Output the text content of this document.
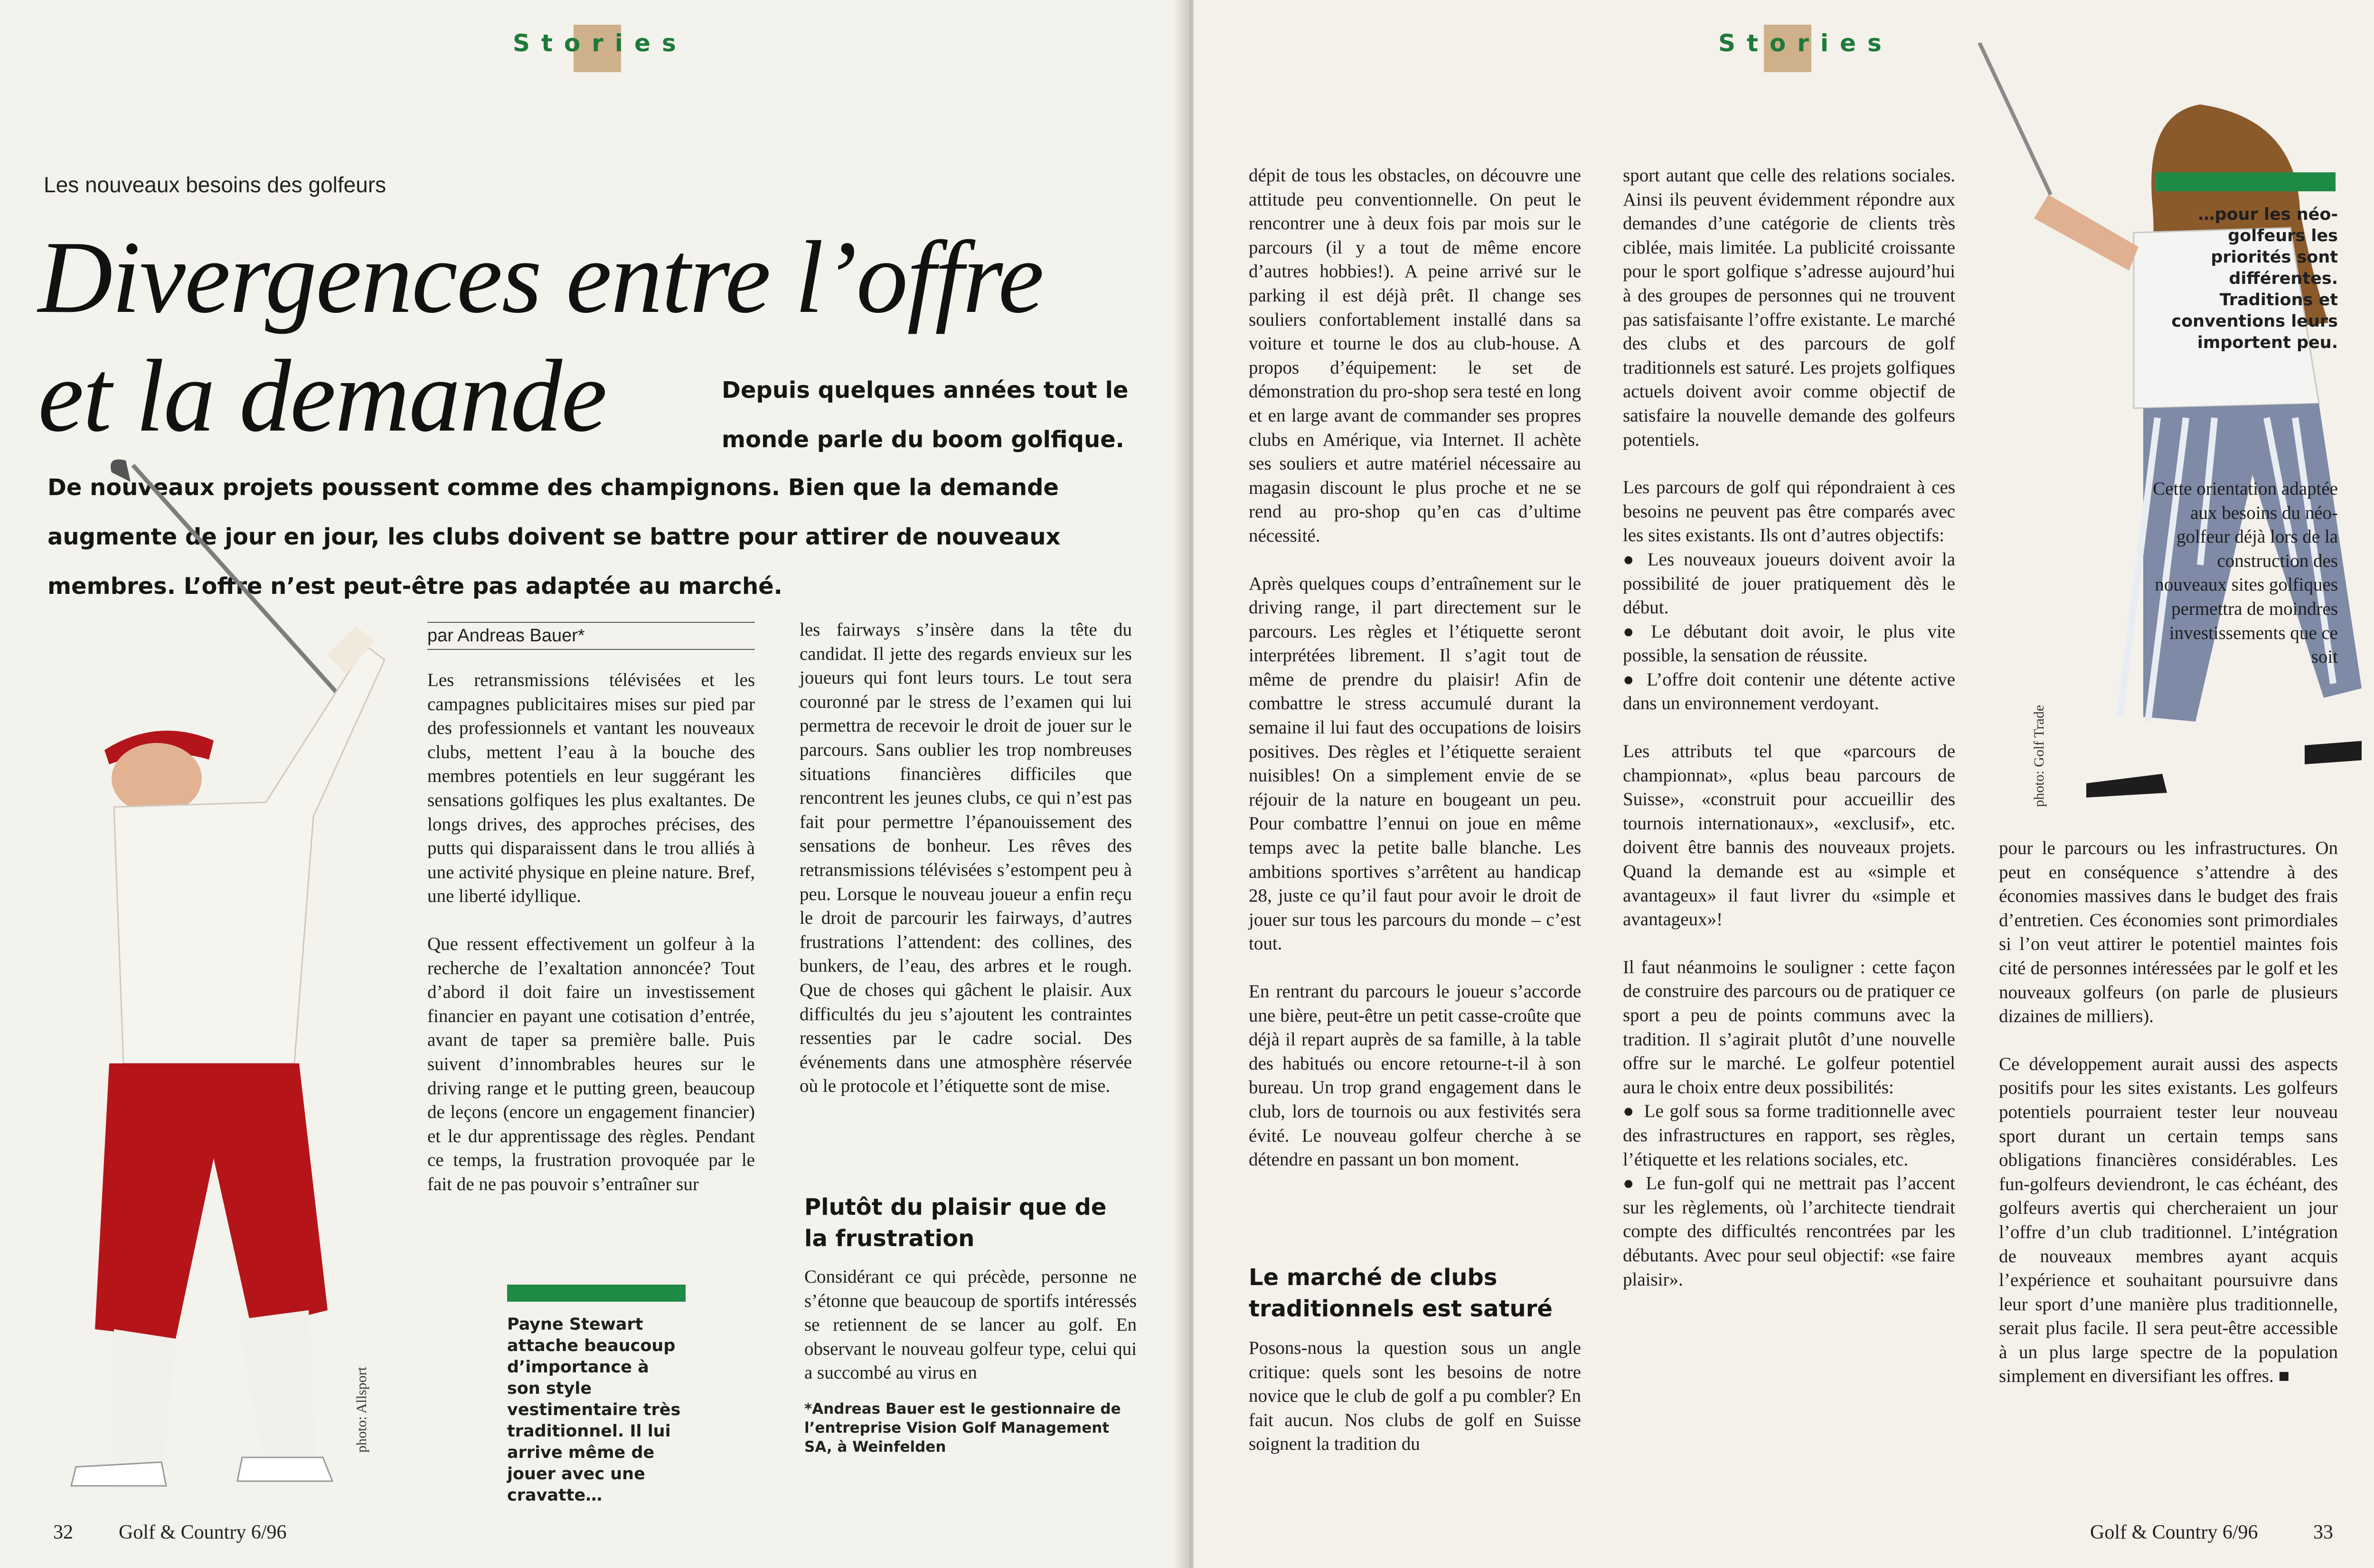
Stories
Les nouveaux besoins des golfeurs
Divergences entre l’offre
et la demande	Depuis quelques années tout le
monde parle du boom golfique.
De nouveaux projets poussent comme des champignons. Bien que la demande
augmente de jour en jour, les clubs doivent se battre pour attirer de nouveaux
membres. L’offre n’est peut-être pas adaptée au marché.
photo: Allsport
par Andreas Bauer*

Les retransmissions télévisées et les campagnes publicitaires mises sur pied par des professionnels et vantant les nouveaux clubs, mettent l’eau à la bouche des membres potentiels en leur suggérant les sensations golfiques les plus exaltantes. De longs drives, des approches précises, des putts qui disparaissent dans le trou alliés à une activité physique en pleine nature. Bref, une liberté idyllique.

Que ressent effectivement un golfeur à la recherche de l’exaltation annoncée? Tout d’abord il doit faire un investissement financier en payant une cotisation d’entrée, avant de taper sa première balle. Puis suivent d’innombrables heures sur le driving range et le putting green, beaucoup de leçons (encore un engagement financier) et le dur apprentissage des règles. Pendant ce temps, la frustration provoquée par le fait de ne pas pouvoir s’entraîner sur

les fairways s’insère dans la tête du candidat. Il jette des regards envieux sur les joueurs qui font leurs tours. Le tout sera couronné par le stress de l’examen qui lui permettra de recevoir le droit de jouer sur le parcours. Sans oublier les trop nombreuses situations financières difficiles que rencontrent les jeunes clubs, ce qui n’est pas fait pour permettre l’épanouissement des sensations de bonheur. Les rêves des retransmissions télévisées s’estompent peu à peu. Lorsque le nouveau joueur a enfin reçu le droit de parcourir les fairways, d’autres frustrations l’attendent: des collines, des bunkers, de l’eau, des arbres et le rough. Que de choses qui gâchent le plaisir. Aux difficultés du jeu s’ajoutent les contraintes ressenties par le cadre social. Des événements dans une atmosphère réservée où le protocole et l’étiquette sont de mise.

Plutôt du plaisir que de la frustration
Considérant ce qui précède, personne ne s’étonne que beaucoup de sportifs intéressés se retiennent de se lancer au golf. En observant le nouveau golfeur type, celui qui a succombé au virus en
*Andreas Bauer est le gestionnaire de l’entreprise Vision Golf Management SA, à Weinfelden
Payne Stewart attache beaucoup d’importance à son style vestimentaire très traditionnel. Il lui arrive même de jouer avec une cravatte…
32 Golf & Country 6/96
Stories

dépit de tous les obstacles, on découvre une attitude peu conventionnelle. On peut le rencontrer une à deux fois par mois sur le parcours (il y a tout de même encore d’autres hobbies!). A peine arrivé sur le parking il est déjà prêt. Il change ses souliers confortablement installé dans sa voiture et tourne le dos au club-house. A propos d’équipement: le set de démonstration du pro-shop sera testé en long et en large avant de commander ses propres clubs en Amérique, via Internet. Il achète ses souliers et autre matériel nécessaire au magasin discount le plus proche et ne se rend au pro-shop qu’en cas d’ultime nécessité.

Après quelques coups d’entraînement sur le driving range, il part directement sur le parcours. Les règles et l’étiquette seront interprétées librement. Il s’agit tout de même de prendre du plaisir! Afin de combattre le stress accumulé durant la semaine il lui faut des occupations de loisirs positives. Des règles et l’étiquette seraient nuisibles! On a simplement envie de se réjouir de la nature en bougeant un peu. Pour combattre l’ennui on joue en même temps avec la petite balle blanche. Les ambitions sportives s’arrêtent au handicap 28, juste ce qu’il faut pour avoir le droit de jouer sur tous les parcours du monde – c’est tout.

En rentrant du parcours le joueur s’accorde une bière, peut-être un petit casse-croûte que déjà il repart auprès de sa famille, à la table des habitués ou encore retourne-t-il à son bureau. Un trop grand engagement dans le club, lors de tournois ou aux festivités sera évité. Le nouveau golfeur cherche à se détendre en passant un bon moment.

Le marché de clubs traditionnels est saturé
Posons-nous la question sous un angle critique: quels sont les besoins de notre novice que le club de golf a pu combler? En fait aucun. Nos clubs de golf en Suisse soignent la tradition du

sport autant que celle des relations sociales. Ainsi ils peuvent évidemment répondre aux demandes d’une catégorie de clients très ciblée, mais limitée. La publicité croissante pour le sport golfique s’adresse aujourd’hui à des groupes de personnes qui ne trouvent pas satisfaisante l’offre existante. Le marché des clubs et des parcours de golf traditionnels est saturé. Les projets golfiques actuels doivent avoir comme objectif de satisfaire la nouvelle demande des golfeurs potentiels.

Les parcours de golf qui répondraient à ces besoins ne peuvent pas être comparés avec les sites existants. Ils ont d’autres objectifs:

● Les nouveaux joueurs doivent avoir la possibilité de jouer pratiquement dès le début.
● Le débutant doit avoir, le plus vite possible, la sensation de réussite.
● L’offre doit contenir une détente active dans un environnement verdoyant.

Les attributs tel que «parcours de championnat», «plus beau parcours de Suisse», «construit pour accueillir des tournois internationaux», «exclusif», etc. doivent être bannis des nouveaux projets. Quand la demande est au «simple et avantageux» il faut livrer du «simple et avantageux»!

Il faut néanmoins le souligner : cette façon de construire des parcours ou de pratiquer ce sport a peu de points communs avec la tradition. Il s’agirait plutôt d’une nouvelle offre sur le marché. Le golfeur potentiel aura le choix entre deux possibilités:

● Le golf sous sa forme traditionnelle avec des infrastructures en rapport, ses règles, l’étiquette et les relations sociales, etc.
● Le fun-golf qui ne mettrait pas l’accent sur les règlements, où l’architecte tiendrait compte des difficultés rencontrées par les débutants. Avec pour seul objectif: «se faire plaisir».
photo: Golf Trade
…pour les néo-golfeurs les priorités sont différentes. Traditions et conventions leurs importent peu.
Cette orientation adaptée aux besoins du néo-golfeur déjà lors de la construction des nouveaux sites golfiques permettra de moindres investissements que ce soit

pour le parcours ou les infrastructures. On peut en conséquence s’attendre à des économies massives dans le budget des frais d’entretien. Ces économies sont primordiales si l’on veut attirer le potentiel maintes fois cité de personnes intéressées par le golf et les nouveaux golfeurs (on parle de plusieurs dizaines de milliers).

Ce développement aurait aussi des aspects positifs pour les sites existants. Les golfeurs potentiels pourraient tester leur nouveau sport durant un certain temps sans obligations financières considérables. Les fun-golfeurs deviendront, le cas échéant, des golfeurs avertis qui chercheraient un jour l’offre d’un club traditionnel. L’intégration de nouveaux membres ayant acquis l’expérience et souhaitant poursuivre dans leur sport d’une manière plus traditionnelle, serait plus facile. Il sera peut-être accessible à un plus large spectre de la population simplement en diversifiant les offres. ■

Golf & Country 6/96	33
